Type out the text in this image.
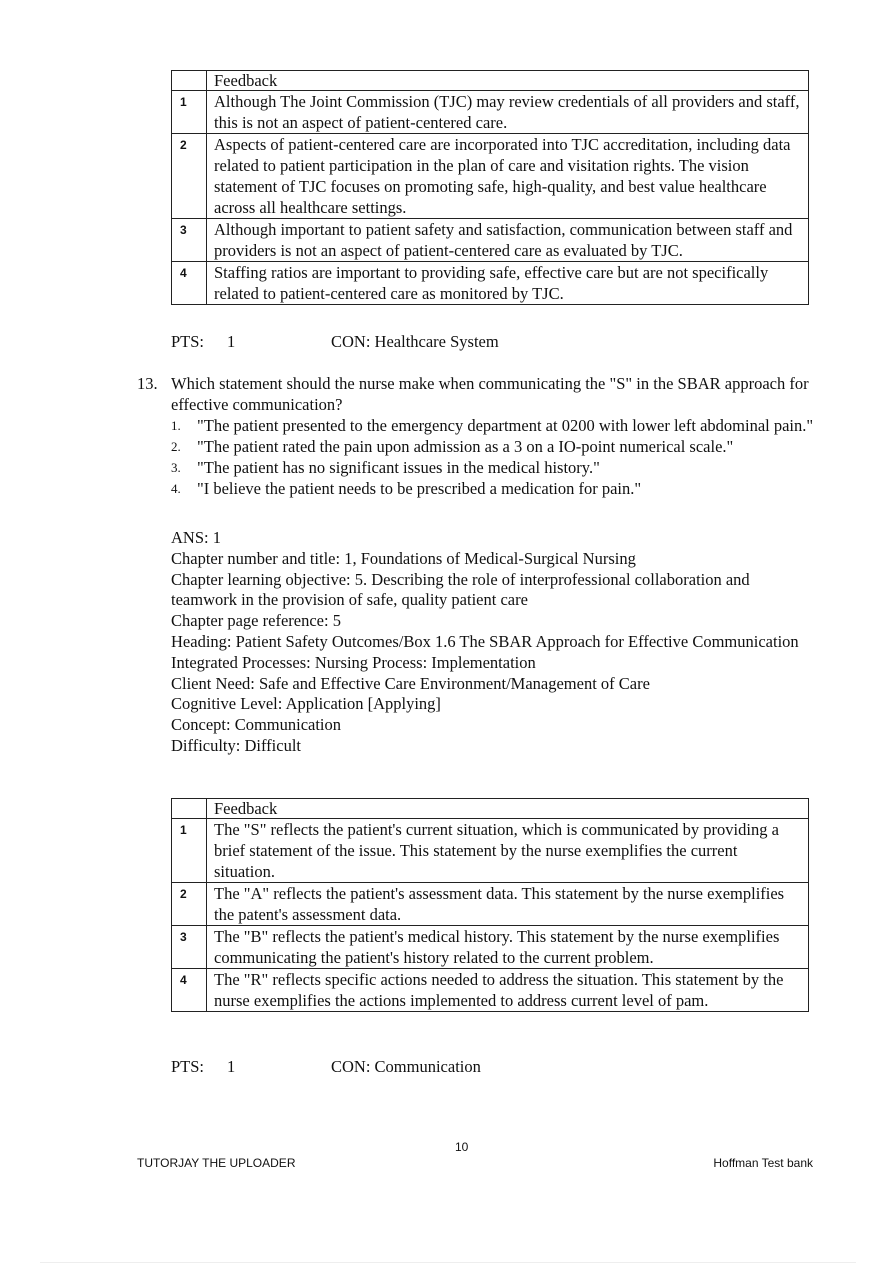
	Feedback
1	Although The Joint Commission (TJC) may review credentials of all providers and staff, this is not an aspect of patient-centered care.
2	Aspects of patient-centered care are incorporated into TJC accreditation, including data related to patient participation in the plan of care and visitation rights. The vision statement of TJC focuses on promoting safe, high-quality, and best value healthcare across all healthcare settings.
3	Although important to patient safety and satisfaction, communication between staff and providers is not an aspect of patient-centered care as evaluated by TJC.
4	Staffing ratios are important to providing safe, effective care but are not specifically related to patient-centered care as monitored by TJC.
PTS: 1	CON: Healthcare System
13. Which statement should the nurse make when communicating the "S" in the SBAR approach for effective communication?
1. "The patient presented to the emergency department at 0200 with lower left abdominal pain."
2. "The patient rated the pain upon admission as a 3 on a IO-point numerical scale."
3. "The patient has no significant issues in the medical history."
4. "I believe the patient needs to be prescribed a medication for pain."
ANS: 1
Chapter number and title: 1, Foundations of Medical-Surgical Nursing
Chapter learning objective: 5. Describing the role of interprofessional collaboration and teamwork in the provision of safe, quality patient care
Chapter page reference: 5
Heading: Patient Safety Outcomes/Box 1.6 The SBAR Approach for Effective Communication
Integrated Processes: Nursing Process: Implementation
Client Need: Safe and Effective Care Environment/Management of Care
Cognitive Level: Application [Applying]
Concept: Communication
Difficulty: Difficult
	Feedback
1	The "S" reflects the patient's current situation, which is communicated by providing a brief statement of the issue. This statement by the nurse exemplifies the current situation.
2	The "A" reflects the patient's assessment data. This statement by the nurse exemplifies the patent's assessment data.
3	The "B" reflects the patient's medical history. This statement by the nurse exemplifies communicating the patient's history related to the current problem.
4	The "R" reflects specific actions needed to address the situation. This statement by the nurse exemplifies the actions implemented to address current level of pam.
PTS: 1	CON: Communication
10
TUTORJAY THE UPLOADER	Hoffman Test bank
